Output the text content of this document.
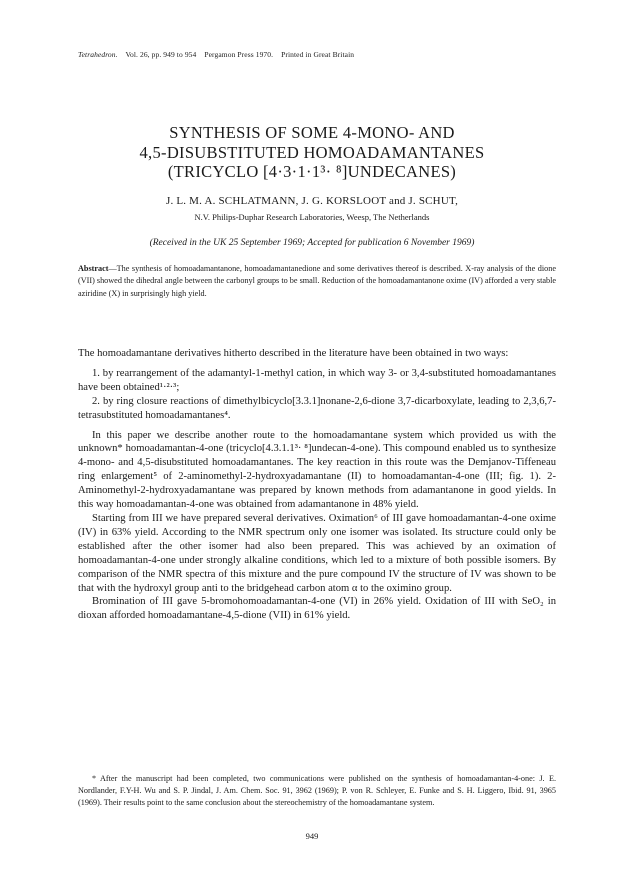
Tetrahedron. Vol. 26, pp. 949 to 954 Pergamon Press 1970. Printed in Great Britain
SYNTHESIS OF SOME 4-MONO- AND
4,5-DISUBSTITUTED HOMOADAMANTANES
(TRICYCLO [4·3·1·1³· ⁸]UNDECANES)
J. L. M. A. SCHLATMANN, J. G. KORSLOOT and J. SCHUT,
N.V. Philips-Duphar Research Laboratories, Weesp, The Netherlands
(Received in the UK 25 September 1969; Accepted for publication 6 November 1969)
Abstract—The synthesis of homoadamantanone, homoadamantanedione and some derivatives thereof is described. X-ray analysis of the dione (VII) showed the dihedral angle between the carbonyl groups to be small. Reduction of the homoadamantanone oxime (IV) afforded a very stable aziridine (X) in surprisingly high yield.

The homoadamantane derivatives hitherto described in the literature have been obtained in two ways:

1. by rearrangement of the adamantyl-1-methyl cation, in which way 3- or 3,4-substituted homoadamantanes have been obtained¹·²·³;

2. by ring closure reactions of dimethylbicyclo[3.3.1]nonane-2,6-dione 3,7-dicarboxylate, leading to 2,3,6,7-tetrasubstituted homoadamantanes⁴.

In this paper we describe another route to the homoadamantane system which provided us with the unknown* homoadamantan-4-one (tricyclo[4.3.1.1³· ⁸]undecan-4-one). This compound enabled us to synthesize 4-mono- and 4,5-disubstituted homoadamantanes. The key reaction in this route was the Demjanov-Tiffeneau ring enlargement⁵ of 2-aminomethyl-2-hydroxyadamantane (II) to homoadamantan-4-one (III; fig. 1). 2-Aminomethyl-2-hydroxyadamantane was prepared by known methods from adamantanone in good yields. In this way homoadamantan-4-one was obtained from adamantanone in 48% yield.

Starting from III we have prepared several derivatives. Oximation⁶ of III gave homoadamantan-4-one oxime (IV) in 63% yield. According to the NMR spectrum only one isomer was isolated. Its structure could only be established after the other isomer had also been prepared. This was achieved by an oximation of homoadamantan-4-one under strongly alkaline conditions, which led to a mixture of both possible isomers. By comparison of the NMR spectra of this mixture and the pure compound IV the structure of IV was shown to be that with the hydroxyl group anti to the bridgehead carbon atom α to the oximino group.

Bromination of III gave 5-bromohomoadamantan-4-one (VI) in 26% yield. Oxidation of III with SeO₂ in dioxan afforded homoadamantane-4,5-dione (VII) in 61% yield.

* After the manuscript had been completed, two communications were published on the synthesis of homoadamantan-4-one: J. E. Nordlander, F.Y-H. Wu and S. P. Jindal, J. Am. Chem. Soc. 91, 3962 (1969); P. von R. Schleyer, E. Funke and S. H. Liggero, Ibid. 91, 3965 (1969). Their results point to the same conclusion about the stereochemistry of the homoadamantane system.
949
